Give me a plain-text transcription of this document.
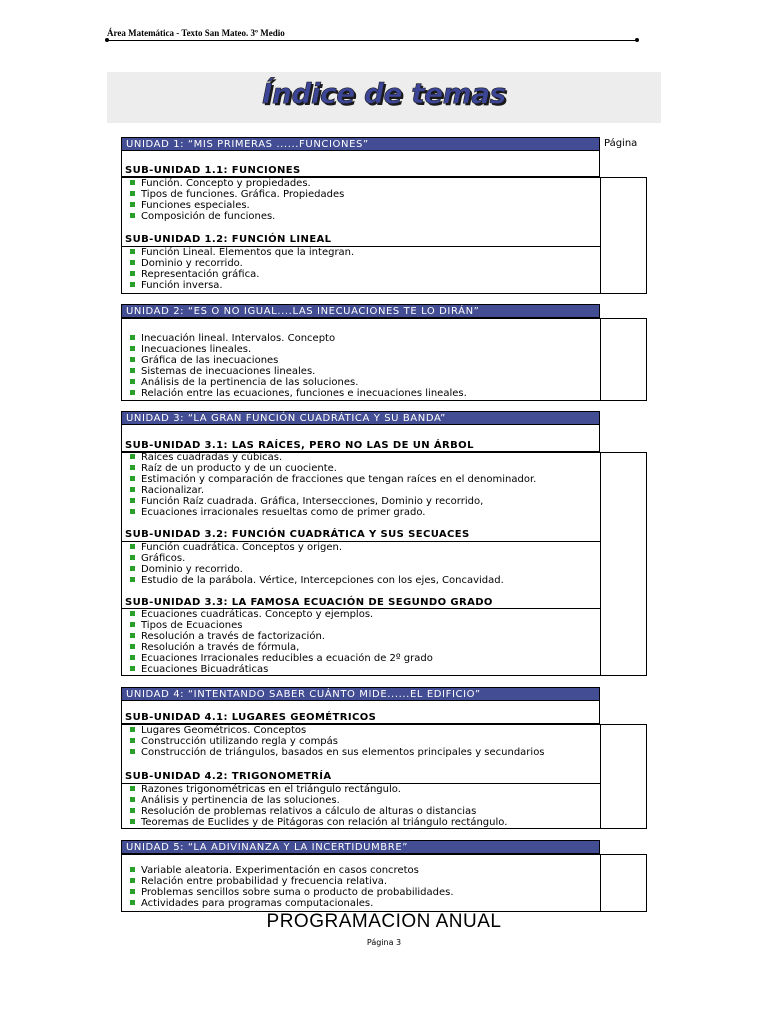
Área Matemática - Texto San Mateo. 3º Medio
Índice de temas
Página
UNIDAD 1: “MIS PRIMERAS ......FUNCIONES”
SUB-UNIDAD 1.1: FUNCIONES
Función. Concepto y propiedades.
Tipos de funciones. Gráfica. Propiedades
Funciones especiales.
Composición de funciones.
SUB-UNIDAD 1.2: FUNCIÓN LINEAL
Función Lineal. Elementos que la integran.
Dominio y recorrido.
Representación gráfica.
Función inversa.
UNIDAD 2: “ES O NO IGUAL....LAS INECUACIONES TE LO DIRÁN”
Inecuación lineal. Intervalos. Concepto
Inecuaciones lineales.
Gráfica de las inecuaciones
Sistemas de inecuaciones lineales.
Análisis de la pertinencia de las soluciones.
Relación entre las ecuaciones, funciones e inecuaciones lineales.
UNIDAD 3: “LA GRAN FUNCIÓN CUADRÁTICA Y SU BANDA”
SUB-UNIDAD 3.1: LAS RAÍCES, PERO NO LAS DE UN ÁRBOL
Raíces cuadradas y cúbicas.
Raíz de un producto y de un cuociente.
Estimación y comparación de fracciones que tengan raíces en el denominador.
Racionalizar.
Función Raíz cuadrada. Gráfica, Intersecciones, Dominio y recorrido,
Ecuaciones irracionales resueltas como de primer grado.
SUB-UNIDAD 3.2: FUNCIÓN CUADRÁTICA Y SUS SECUACES
Función cuadrática. Conceptos y origen.
Gráficos.
Dominio y recorrido.
Estudio de la parábola. Vértice, Intercepciones con los ejes, Concavidad.
SUB-UNIDAD 3.3: LA FAMOSA ECUACIÓN DE SEGUNDO GRADO
Ecuaciones cuadráticas. Concepto y ejemplos.
Tipos de Ecuaciones
Resolución a través de factorización.
Resolución a través de fórmula,
Ecuaciones Irracionales reducibles a ecuación de 2º grado
Ecuaciones Bicuadráticas
UNIDAD 4: “INTENTANDO SABER CUÁNTO MIDE......EL EDIFICIO”
SUB-UNIDAD 4.1: LUGARES GEOMÉTRICOS
Lugares Geométricos. Conceptos
Construcción utilizando regla y compás
Construcción de triángulos, basados en sus elementos principales y secundarios
SUB-UNIDAD 4.2: TRIGONOMETRÍA
Razones trigonométricas en el triángulo rectángulo.
Análisis y pertinencia de las soluciones.
Resolución de problemas relativos a cálculo de alturas o distancias
Teoremas de Euclides y de Pitágoras con relación al triángulo rectángulo.
UNIDAD 5: “LA ADIVINANZA Y LA INCERTIDUMBRE”
Variable aleatoria. Experimentación en casos concretos
Relación entre probabilidad y frecuencia relativa.
Problemas sencillos sobre suma o producto de probabilidades.
Actividades para programas computacionales.
PROGRAMACION ANUAL
Página 3
